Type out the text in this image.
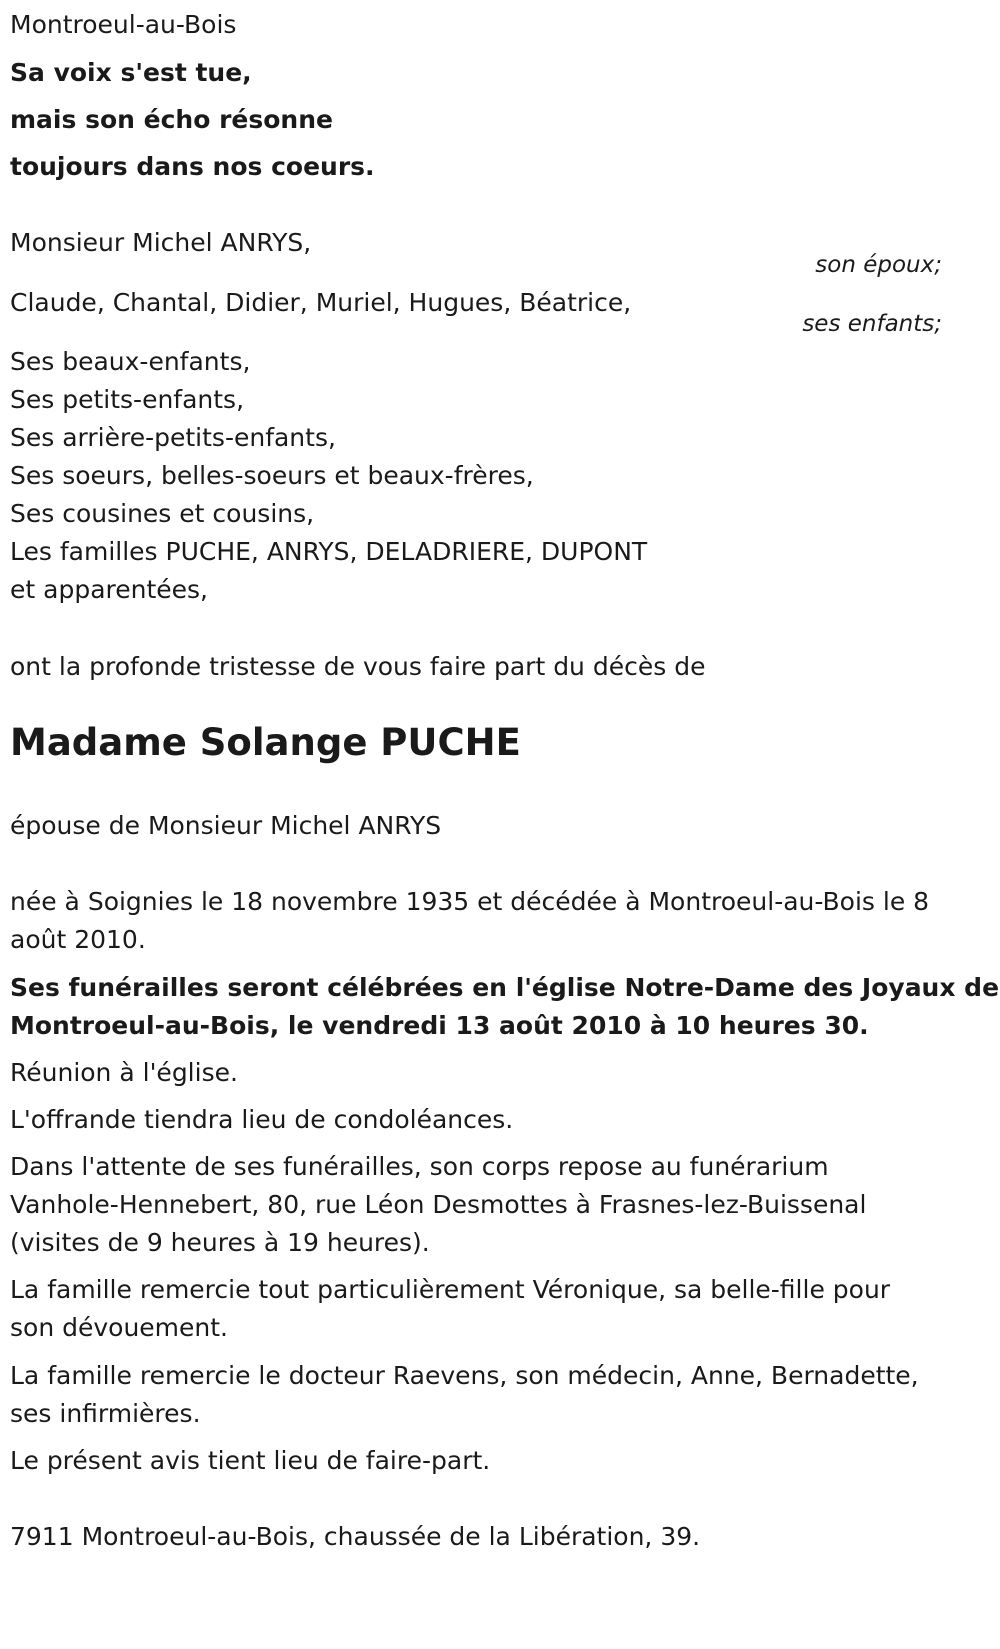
Montroeul-au-Bois
Sa voix s'est tue,
mais son écho résonne
toujours dans nos coeurs.
Monsieur Michel ANRYS,
son époux;
Claude, Chantal, Didier, Muriel, Hugues, Béatrice,
ses enfants;
Ses beaux-enfants,
Ses petits-enfants,
Ses arrière-petits-enfants,
Ses soeurs, belles-soeurs et beaux-frères,
Ses cousines et cousins,
Les familles PUCHE, ANRYS, DELADRIERE, DUPONT
et apparentées,
ont la profonde tristesse de vous faire part du décès de
Madame Solange PUCHE
épouse de Monsieur Michel ANRYS
née à Soignies le 18 novembre 1935 et décédée à Montroeul-au-Bois le 8
août 2010.
Ses funérailles seront célébrées en l'église Notre-Dame des Joyaux de
Montroeul-au-Bois, le vendredi 13 août 2010 à 10 heures 30.
Réunion à l'église.
L'offrande tiendra lieu de condoléances.
Dans l'attente de ses funérailles, son corps repose au funérarium
Vanhole-Hennebert, 80, rue Léon Desmottes à Frasnes-lez-Buissenal
(visites de 9 heures à 19 heures).
La famille remercie tout particulièrement Véronique, sa belle-fille pour
son dévouement.
La famille remercie le docteur Raevens, son médecin, Anne, Bernadette,
ses infirmières.
Le présent avis tient lieu de faire-part.
7911 Montroeul-au-Bois, chaussée de la Libération, 39.
